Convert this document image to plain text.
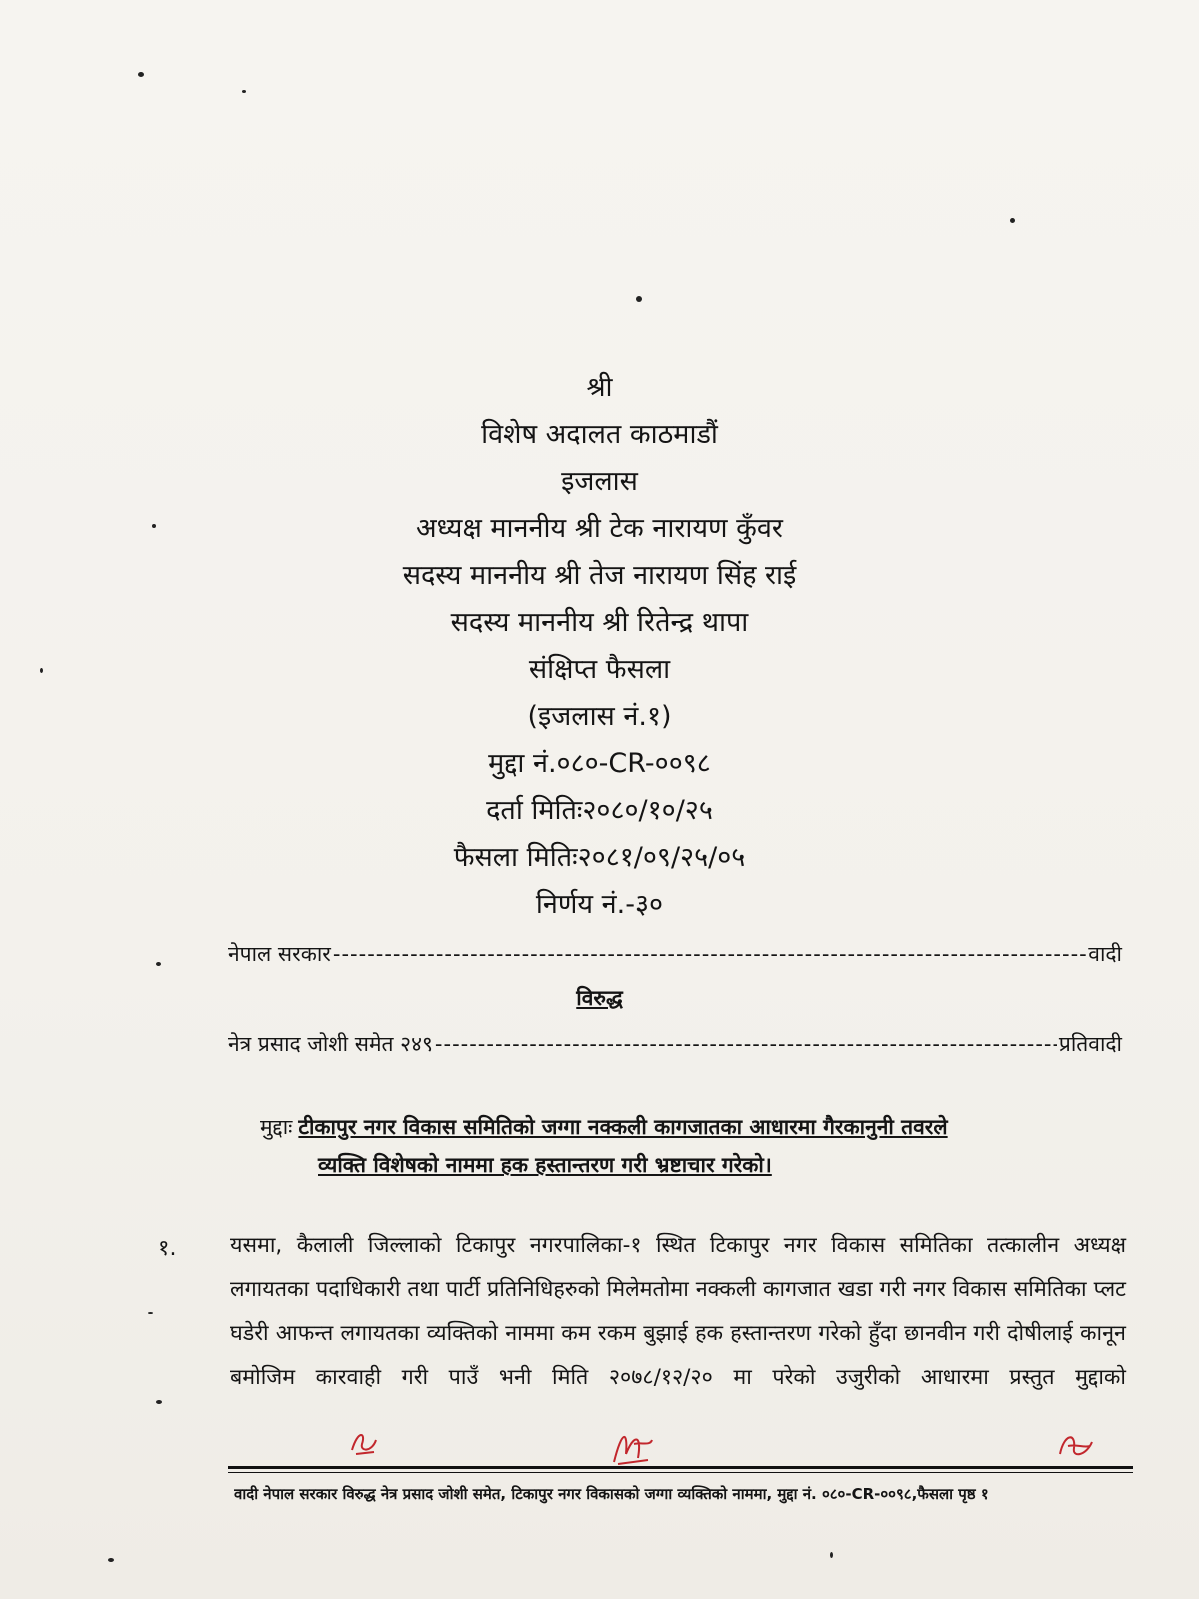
श्री
विशेष अदालत काठमाडौं
इजलास
अध्यक्ष माननीय श्री टेक नारायण कुँवर
सदस्य माननीय श्री तेज नारायण सिंह राई
सदस्य माननीय श्री रितेन्द्र थापा
संक्षिप्त फैसला
(इजलास नं.१)
मुद्दा नं.०८०-CR-००९८
दर्ता मितिः२०८०/१०/२५
फैसला मितिः२०८१/०९/२५/०५
निर्णय नं.-३०
नेपाल सरकार -----	वादी
विरुद्ध
नेत्र प्रसाद जोशी समेत २४९ -----	प्रतिवादी
मुद्दाः टीकापुर नगर विकास समितिको जग्गा नक्कली कागजातका आधारमा गैरकानुनी तवरले
व्यक्ति विशेषको नाममा हक हस्तान्तरण गरी भ्रष्टाचार गरेको।
१. यसमा, कैलाली जिल्लाको टिकापुर नगरपालिका-१ स्थित टिकापुर नगर विकास समितिका तत्कालीन अध्यक्ष लगायतका पदाधिकारी तथा पार्टी प्रतिनिधिहरुको मिलेमतोमा नक्कली कागजात खडा गरी नगर विकास समितिका प्लट घडेरी आफन्त लगायतका व्यक्तिको नाममा कम रकम बुझाई हक हस्तान्तरण गरेको हुँदा छानवीन गरी दोषीलाई कानून बमोजिम कारवाही गरी पाउँ भनी मिति २०७८/१२/२० मा परेको उजुरीको आधारमा प्रस्तुत मुद्दाको
वादी नेपाल सरकार विरुद्ध नेत्र प्रसाद जोशी समेत, टिकापुर नगर विकासको जग्गा व्यक्तिको नाममा, मुद्दा नं. ०८०-CR-००९८,फैसला पृष्ठ १
